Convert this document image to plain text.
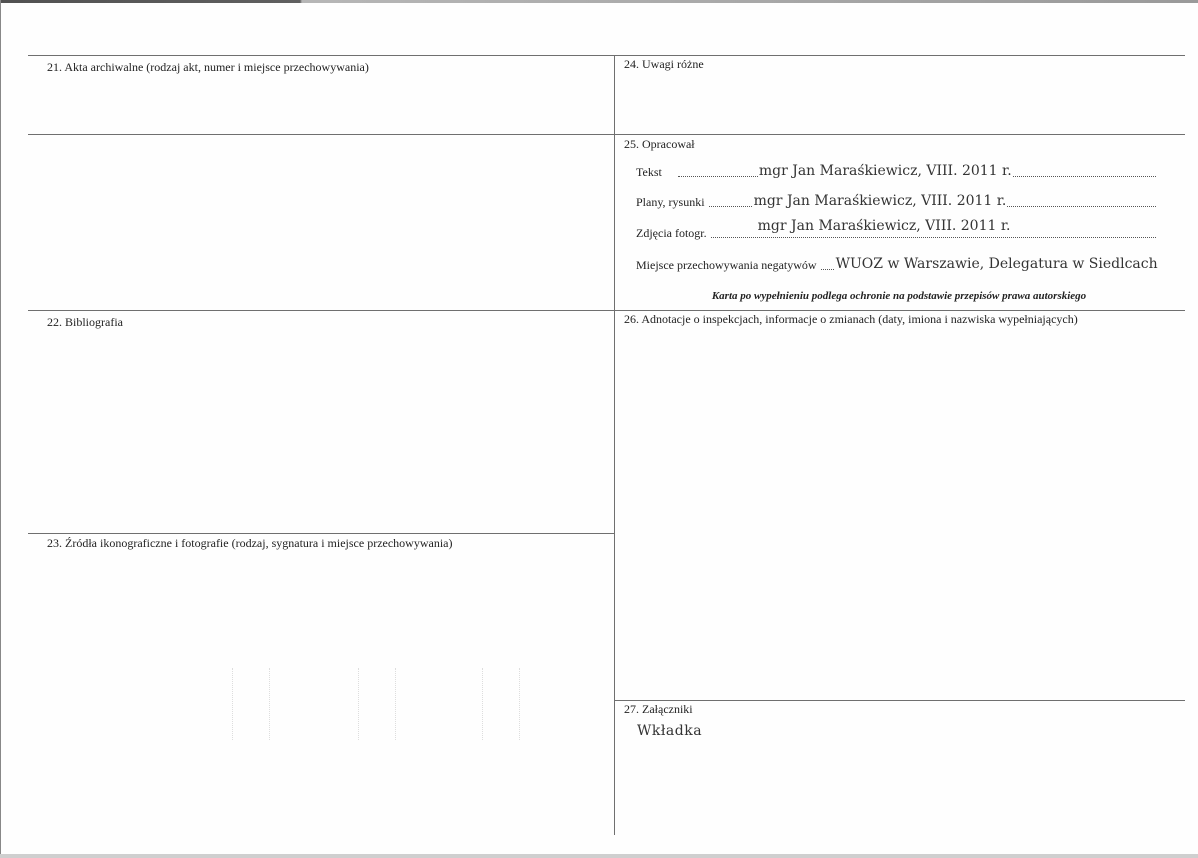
21. Akta archiwalne (rodzaj akt, numer i miejsce przechowywania)	24. Uwagi różne
25. Opracował
22. Bibliografia	26. Adnotacje o inspekcjach, informacje o zmianach (daty, imiona i nazwiska wypełniających)
23. Źródła ikonograficzne i fotografie (rodzaj, sygnatura i miejsce przechowywania)
27. Załączniki
Tekst	mgr Jan Maraśkiewicz, VIII. 2011 r.
Plany, rysunki	mgr Jan Maraśkiewicz, VIII. 2011 r.
Zdjęcia fotogr.	mgr Jan Maraśkiewicz, VIII. 2011 r.
Miejsce przechowywania negatywów WUOZ w Warszawie, Delegatura w Siedlcach
Karta po wypełnieniu podlega ochronie na podstawie przepisów prawa autorskiego
Wkładka
